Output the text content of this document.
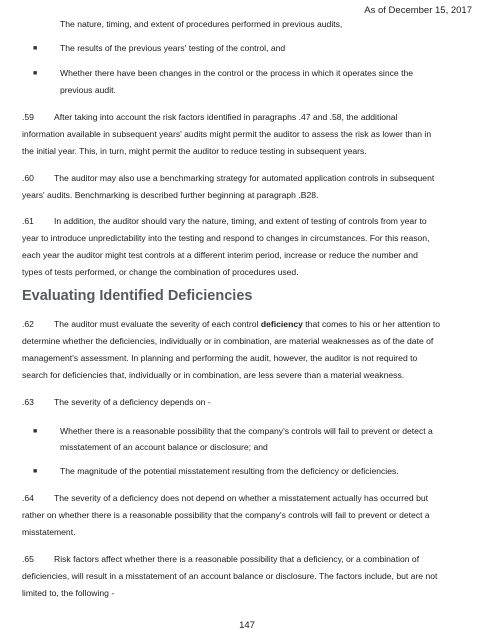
As of December 15, 2017
The nature, timing, and extent of procedures performed in previous audits,
■	The results of the previous years' testing of the control, and
■	Whether there have been changes in the control or the process in which it operates since the
previous audit.
.59 After taking into account the risk factors identified in paragraphs .47 and .58, the additional
information available in subsequent years' audits might permit the auditor to assess the risk as lower than in
the initial year. This, in turn, might permit the auditor to reduce testing in subsequent years.
.60 The auditor may also use a benchmarking strategy for automated application controls in subsequent
years' audits. Benchmarking is described further beginning at paragraph .B28.
.61 In addition, the auditor should vary the nature, timing, and extent of testing of controls from year to
year to introduce unpredictability into the testing and respond to changes in circumstances. For this reason,
each year the auditor might test controls at a different interim period, increase or reduce the number and
types of tests performed, or change the combination of procedures used.
Evaluating Identified Deficiencies
.62 The auditor must evaluate the severity of each control deficiency that comes to his or her attention to
determine whether the deficiencies, individually or in combination, are material weaknesses as of the date of
management's assessment. In planning and performing the audit, however, the auditor is not required to
search for deficiencies that, individually or in combination, are less severe than a material weakness.
.63 The severity of a deficiency depends on -
■	Whether there is a reasonable possibility that the company's controls will fail to prevent or detect a
misstatement of an account balance or disclosure; and
■	The magnitude of the potential misstatement resulting from the deficiency or deficiencies.
.64 The severity of a deficiency does not depend on whether a misstatement actually has occurred but
rather on whether there is a reasonable possibility that the company's controls will fail to prevent or detect a
misstatement.
.65 Risk factors affect whether there is a reasonable possibility that a deficiency, or a combination of
deficiencies, will result in a misstatement of an account balance or disclosure. The factors include, but are not
limited to, the following -
147
